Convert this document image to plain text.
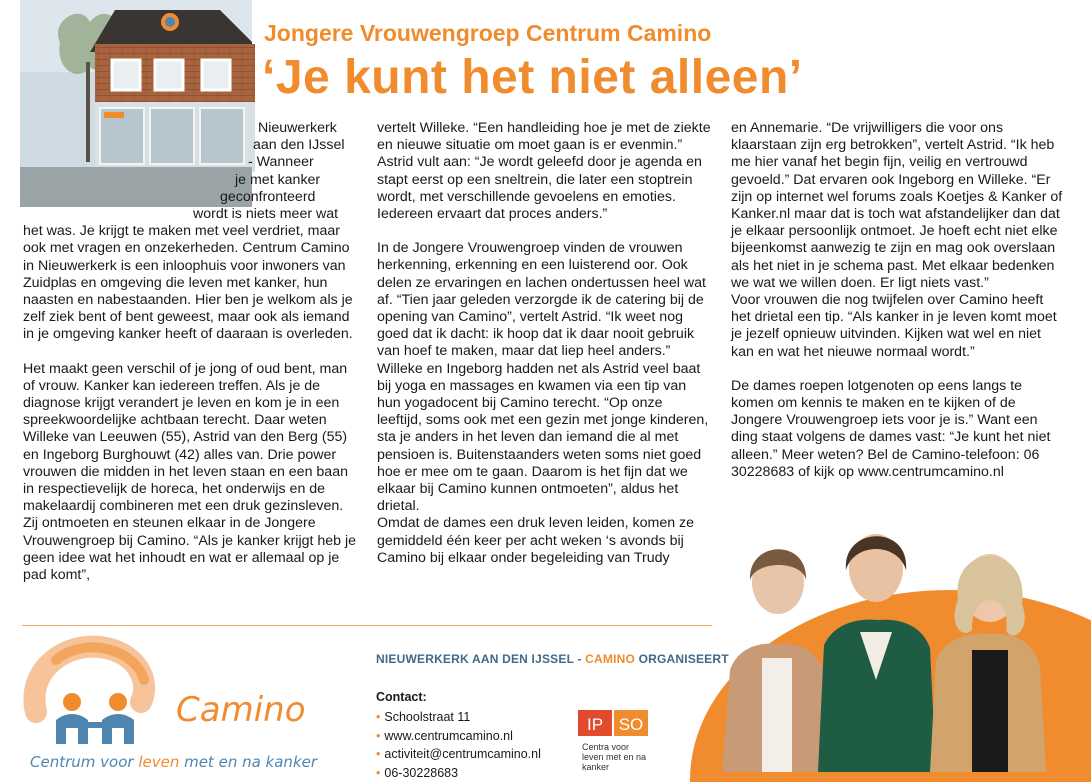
Jongere Vrouwengroep Centrum Camino
‘Je kunt het niet alleen’

Nieuwerkerk
aan den IJssel
- Wanneer
je met kanker
geconfronteerd
wordt is niets meer wat
het was. Je krijgt te maken met veel verdriet, maar ook met vragen en onzekerheden. Centrum Camino in Nieuwerkerk is een inloophuis voor inwoners van Zuidplas en omgeving die leven met kanker, hun naasten en nabestaanden. Hier ben je welkom als je zelf ziek bent of bent geweest, maar ook als iemand in je omgeving kanker heeft of daaraan is overleden.

Het maakt geen verschil of je jong of oud bent, man of vrouw. Kanker kan iedereen treffen. Als je de diagnose krijgt verandert je leven en kom je in een spreekwoordelijke achtbaan terecht. Daar weten Willeke van Leeuwen (55), Astrid van den Berg (55) en Ingeborg Burghouwt (42) alles van. Drie power vrouwen die midden in het leven staan en een baan in respectievelijk de horeca, het onderwijs en de makelaardij combineren met een druk gezinsleven. Zij ontmoeten en steunen elkaar in de Jongere Vrouwengroep bij Camino. “Als je kanker krijgt heb je geen idee wat het inhoudt en wat er allemaal op je pad komt”,

vertelt Willeke. “Een handleiding hoe je met de ziekte en nieuwe situatie om moet gaan is er evenmin.” Astrid vult aan: “Je wordt geleefd door je agenda en stapt eerst op een sneltrein, die later een stoptrein wordt, met verschillende gevoelens en emoties. Iedereen ervaart dat proces anders.”

In de Jongere Vrouwengroep vinden de vrouwen herkenning, erkenning en een luisterend oor. Ook delen ze ervaringen en lachen ondertussen heel wat af. “Tien jaar geleden verzorgde ik de catering bij de opening van Camino”, vertelt Astrid. “Ik weet nog goed dat ik dacht: ik hoop dat ik daar nooit gebruik van hoef te maken, maar dat liep heel anders.” Willeke en Ingeborg hadden net als Astrid veel baat bij yoga en massages en kwamen via een tip van hun yogadocent bij Camino terecht. “Op onze leeftijd, soms ook met een gezin met jonge kinderen, sta je anders in het leven dan iemand die al met pensioen is. Buitenstaanders weten soms niet goed hoe er mee om te gaan. Daarom is het fijn dat we elkaar bij Camino kunnen ontmoeten”, aldus het drietal.

Omdat de dames een druk leven leiden, komen ze gemiddeld één keer per acht weken ‘s avonds bij Camino bij elkaar onder begeleiding van Trudy

en Annemarie. “De vrijwilligers die voor ons klaarstaan zijn erg betrokken”, vertelt Astrid. “Ik heb me hier vanaf het begin fijn, veilig en vertrouwd gevoeld.” Dat ervaren ook Ingeborg en Willeke. “Er zijn op internet wel forums zoals Koetjes & Kanker of Kanker.nl maar dat is toch wat afstandelijker dan dat je elkaar persoonlijk ontmoet. Je hoeft echt niet elke bijeenkomst aanwezig te zijn en mag ook overslaan als het niet in je schema past. Met elkaar bedenken we wat we willen doen. Er ligt niets vast.”

Voor vrouwen die nog twijfelen over Camino heeft het drietal een tip. “Als kanker in je leven komt moet je jezelf opnieuw uitvinden. Kijken wat wel en niet kan en wat het nieuwe normaal wordt.”

De dames roepen lotgenoten op eens langs te komen om kennis te maken en te kijken of de Jongere Vrouwengroep iets voor je is.” Want een ding staat volgens de dames vast: “Je kunt het niet alleen.” Meer weten? Bel de Camino-telefoon: 06 30228683 of kijk op www.centrumcamino.nl

Camino
Centrum voor leven met en na kanker
NIEUWERKERK AAN DEN IJSSEL - CAMINO ORGANISEERT
Contact:
• Schoolstraat 11
• www.centrumcamino.nl
• activiteit@centrumcamino.nl
• 06-30228683
IP SO
Centra voor leven met en na kanker
